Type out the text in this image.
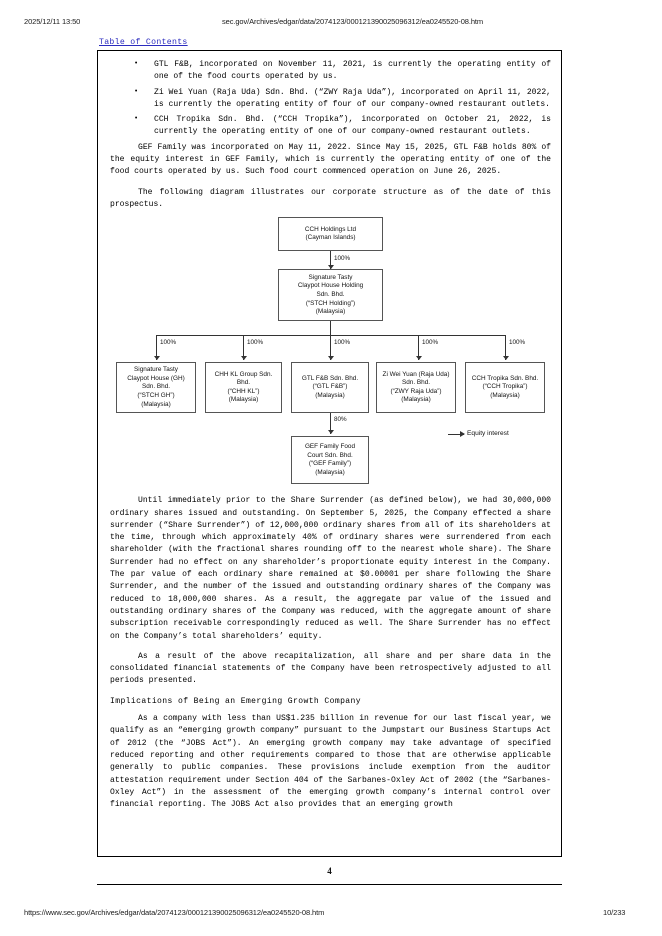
2025/12/11 13:50	sec.gov/Archives/edgar/data/2074123/000121390025096312/ea0245520-08.htm
Table of Contents
• GTL F&B, incorporated on November 11, 2021, is currently the operating entity of one of the food courts operated by us.
• Zi Wei Yuan (Raja Uda) Sdn. Bhd. (“ZWY Raja Uda”), incorporated on April 11, 2022, is currently the operating entity of four of our company-owned restaurant outlets.
• CCH Tropika Sdn. Bhd. (“CCH Tropika”), incorporated on October 21, 2022, is currently the operating entity of one of our company-owned restaurant outlets.

GEF Family was incorporated on May 11, 2022. Since May 15, 2025, GTL F&B holds 80% of the equity interest in GEF Family, which is currently the operating entity of one of the food courts operated by us. Such food court commenced operation on June 26, 2025.

The following diagram illustrates our corporate structure as of the date of this prospectus.

CCH Holdings Ltd
(Cayman Islands)
100%
Signature Tasty
Claypot House Holding
Sdn. Bhd.
(“STCH Holding”)
(Malaysia)
100%	100%	100%	100%	100%
Signature Tasty
Claypot House (GH)
Sdn. Bhd.
(“STCH GH”)
(Malaysia)
CHH KL Group Sdn.
Bhd.
(“CHH KL”)
(Malaysia)
GTL F&B Sdn. Bhd.
(“GTL F&B”)
(Malaysia)
Zi Wei Yuan (Raja Uda)
Sdn. Bhd.
(“ZWY Raja Uda”)
(Malaysia)
CCH Tropika Sdn. Bhd.
(“CCH Tropika”)
(Malaysia)
80%
GEF Family Food
Court Sdn. Bhd.
(“GEF Family”)
(Malaysia)
Equity interest

Until immediately prior to the Share Surrender (as defined below), we had 30,000,000 ordinary shares issued and outstanding. On September 5, 2025, the Company effected a share surrender (“Share Surrender”) of 12,000,000 ordinary shares from all of its shareholders at the time, through which approximately 40% of ordinary shares were surrendered from each shareholder (with the fractional shares rounding off to the nearest whole share). The Share Surrender had no effect on any shareholder’s proportionate equity interest in the Company. The par value of each ordinary share remained at $0.00001 per share following the Share Surrender, and the number of the issued and outstanding ordinary shares of the Company was reduced to 18,000,000 shares. As a result, the aggregate par value of the issued and outstanding ordinary shares of the Company was reduced, with the aggregate amount of share subscription receivable correspondingly reduced as well. The Share Surrender has no effect on the Company’s total shareholders’ equity.

As a result of the above recapitalization, all share and per share data in the consolidated financial statements of the Company have been retrospectively adjusted to all periods presented.

Implications of Being an Emerging Growth Company

As a company with less than US$1.235 billion in revenue for our last fiscal year, we qualify as an “emerging growth company” pursuant to the Jumpstart our Business Startups Act of 2012 (the “JOBS Act”). An emerging growth company may take advantage of specified reduced reporting and other requirements compared to those that are otherwise applicable generally to public companies. These provisions include exemption from the auditor attestation requirement under Section 404 of the Sarbanes-Oxley Act of 2002 (the “Sarbanes-Oxley Act”) in the assessment of the emerging growth company’s internal control over financial reporting. The JOBS Act also provides that an emerging growth

4
https://www.sec.gov/Archives/edgar/data/2074123/000121390025096312/ea0245520-08.htm	10/233
